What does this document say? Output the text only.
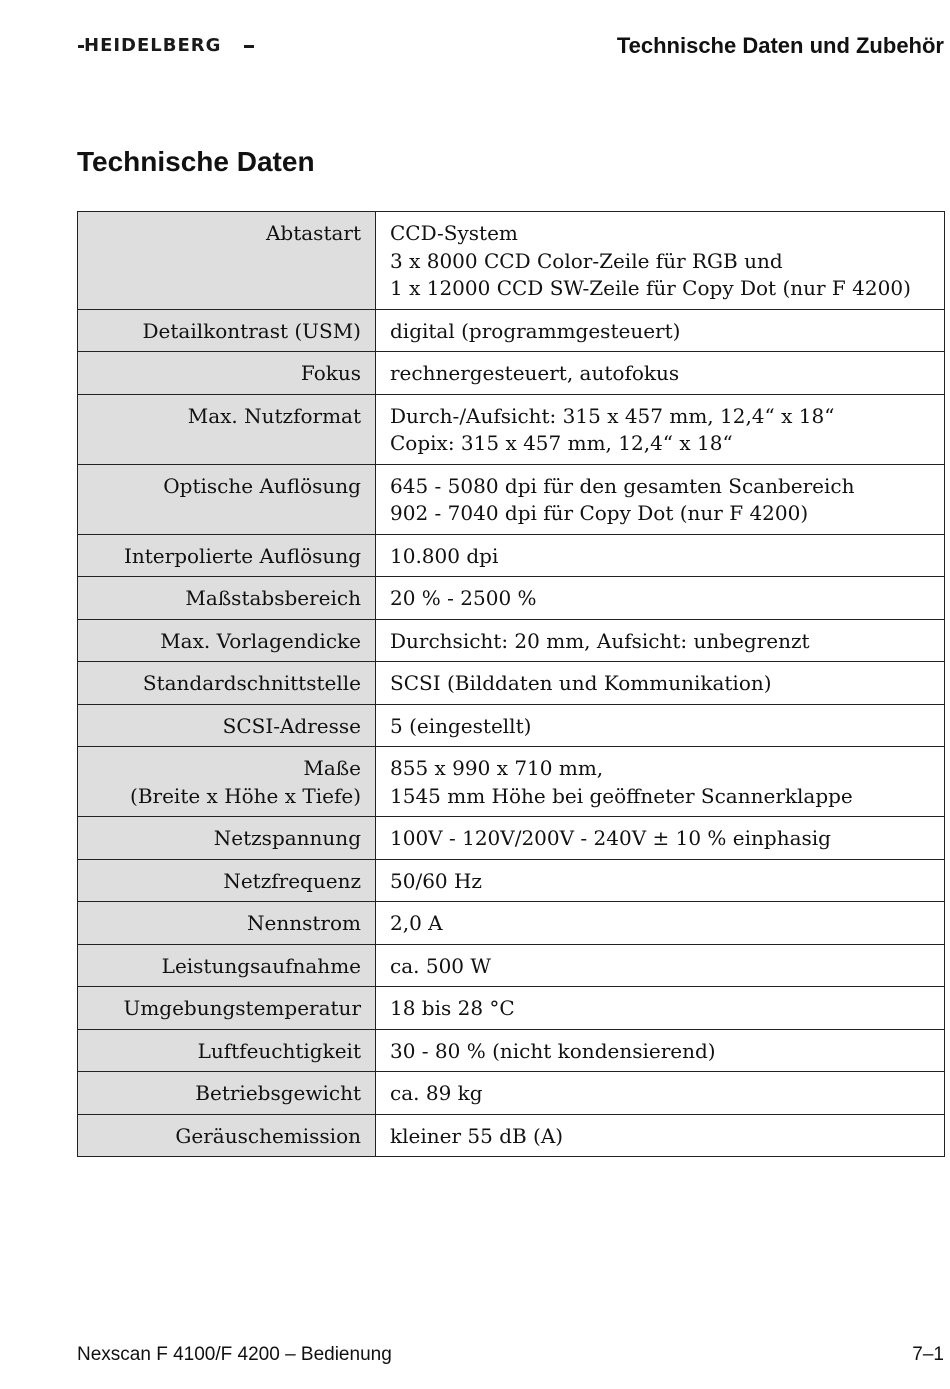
HEIDELBERG	Technische Daten und Zubehör
Technische Daten
Abtastart	CCD-System
3 x 8000 CCD Color-Zeile für RGB und
1 x 12000 CCD SW-Zeile für Copy Dot (nur F 4200)

Detailkontrast (USM)	digital (programmgesteuert)

Fokus	rechnergesteuert, autofokus

Max. Nutzformat	Durch-/Aufsicht: 315 x 457 mm, 12,4“ x 18“
Copix: 315 x 457 mm, 12,4“ x 18“

Optische Auflösung	645 - 5080 dpi für den gesamten Scanbereich
902 - 7040 dpi für Copy Dot (nur F 4200)

Interpolierte Auflösung	10.800 dpi

Maßstabsbereich	20 % - 2500 %

Max. Vorlagendicke	Durchsicht: 20 mm, Aufsicht: unbegrenzt

Standardschnittstelle	SCSI (Bilddaten und Kommunikation)

SCSI-Adresse	5 (eingestellt)

Maße
(Breite x Höhe x Tiefe)	855 x 990 x 710 mm,
1545 mm Höhe bei geöffneter Scannerklappe

Netzspannung	100V - 120V/200V - 240V ± 10 % einphasig

Netzfrequenz	50/60 Hz

Nennstrom	2,0 A

Leistungsaufnahme	ca. 500 W

Umgebungstemperatur	18 bis 28 °C

Luftfeuchtigkeit	30 - 80 % (nicht kondensierend)

Betriebsgewicht	ca. 89 kg

Geräuschemission	kleiner 55 dB (A)
Nexscan F 4100/F 4200 – Bedienung	7–1
